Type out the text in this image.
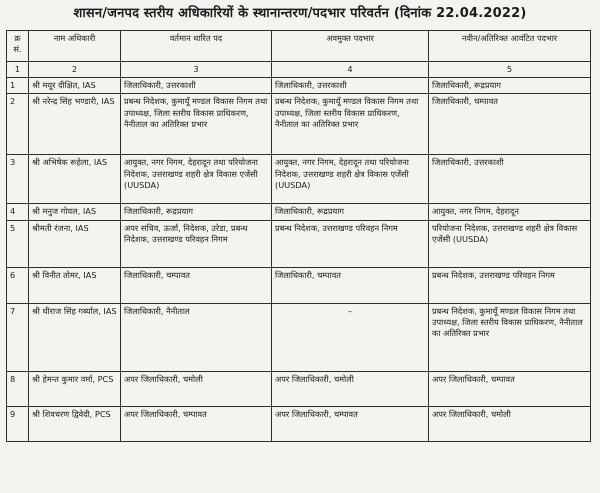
शासन/जनपद स्तरीय अधिकारियों के स्थानान्तरण/पदभार परिवर्तन (दिनांक 22.04.2022)
क्र सं.	नाम अधिकारी	वर्तमान धारित पद	अवमुक्त पदभार	नवीन/अतिरिक्त आवंटित पदभार
1	2	3	4	5
1	श्री मयूर दीक्षित, IAS	जिलाधिकारी, उत्तरकाशी	जिलाधिकारी, उत्तरकाशी	जिलाधिकारी, रूद्रप्रयाग
2	श्री नरेन्द्र सिंह भण्डारी, IAS	प्रबन्ध निदेशक, कुमायूँ मण्डल विकास निगम तथा उपाध्यक्ष, जिला स्तरीय विकास प्राधिकरण, नैनीताल का अतिरिक्त प्रभार	प्रबन्ध निदेशक, कुमायूँ मण्डल विकास निगम तथा उपाध्यक्ष, जिला स्तरीय विकास प्राधिकरण, नैनीताल का अतिरिक्त प्रभार	जिलाधिकारी, चम्पावत
3	श्री अभिषेक रूहेला, IAS	आयुक्त, नगर निगम, देहरादून तथा परियोजना निदेशक, उत्तराखण्ड शहरी क्षेत्र विकास एजेंसी (UUSDA)	आयुक्त, नगर निगम, देहरादून तथा परियोजना निदेशक, उत्तराखण्ड शहरी क्षेत्र विकास एजेंसी (UUSDA)	जिलाधिकारी, उत्तरकाशी
4	श्री मनुज गोयल, IAS	जिलाधिकारी, रूद्रप्रयाग	जिलाधिकारी, रूद्रप्रयाग	आयुक्त, नगर निगम, देहरादून
5	श्रीमती रंजना, IAS	अपर सचिव, ऊर्जा, निदेशक, उरेडा, प्रबन्ध निदेशक, उत्तराखण्ड परिवहन निगम	प्रबन्ध निदेशक, उत्तराखण्ड परिवहन निगम	परियोजना निदेशक, उत्तराखण्ड शहरी क्षेत्र विकास एजेंसी (UUSDA)
6	श्री विनीत तोमर, IAS	जिलाधिकारी, चम्पावत	जिलाधिकारी, चम्पावत	प्रबन्ध निदेशक, उत्तराखण्ड परिवहन निगम
7	श्री धीराज सिंह गर्ब्याल, IAS	जिलाधिकारी, नैनीताल	–	प्रबन्ध निदेशक, कुमायूँ मण्डल विकास निगम तथा उपाध्यक्ष, जिला स्तरीय विकास प्राधिकरण, नैनीताल का अतिरिक्त प्रभार
8	श्री हेमन्त कुमार वर्मा, PCS	अपर जिलाधिकारी, चमोली	अपर जिलाधिकारी, चमोली	अपर जिलाधिकारी, चम्पावत
9	श्री शिवचरण द्विवेदी, PCS	अपर जिलाधिकारी, चम्पावत	अपर जिलाधिकारी, चम्पावत	अपर जिलाधिकारी, चमोली
